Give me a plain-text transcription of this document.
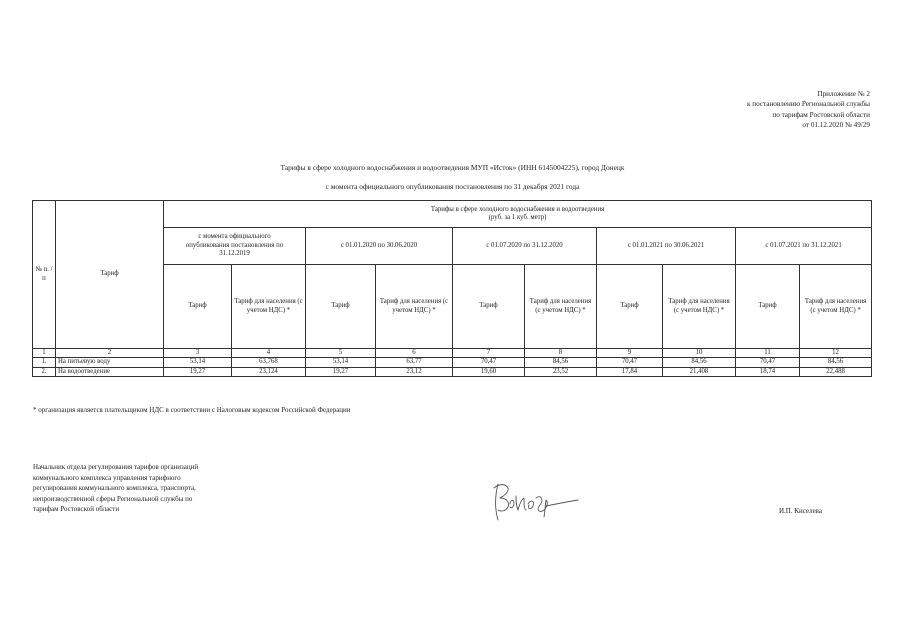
Приложение № 2
к постановлению Региональной службы
по тарифам Ростовской области
от 01.12.2020 № 49/29
Тарифы в сфере холодного водоснабжения и водоотведения МУП «Исток» (ИНН 6145004225), город Донецк
с момента официального опубликования постановления по 31 декабря 2021 года
№ п. /п	Тариф	Тарифы в сфере холодного водоснабжения и водоотведения
(руб. за 1 куб. метр)									

		с момента официального опубликования постановления по 31.12.2019		с 01.01.2020 по 30.06.2020		с 01.07.2020 по 31.12.2020		с 01.01.2021 по 30.06.2021		с 01.07.2021 по 31.12.2021	
		Тариф	Тариф для населения (с учетом НДС) *	Тариф	Тариф для населения (с учетом НДС) *	Тариф	Тариф для населения (с учетом НДС) *	Тариф	Тариф для населения (с учетом НДС) *	Тариф	Тариф для населения (с учетом НДС) *
1	2	3	4	5	6	7	8	9	10	11	12
1.	На питьевую воду	53,14	63,768	53,14	63,77	70,47	84,56	70,47	84,56	70,47	84,56
2.	На водоотведение	19,27	23,124	19,27	23,12	19,60	23,52	17,84	21,408	18,74	22,488
* организация является плательщиком НДС в соответствии с Налоговым кодексом Российской Федерации
Начальник отдела регулирования тарифов организаций
коммунального комплекса управления тарифного
регулирования коммунального комплекса, транспорта,
непроизводственной сферы Региональной службы по
тарифам Ростовской области	И.П. Киселева
